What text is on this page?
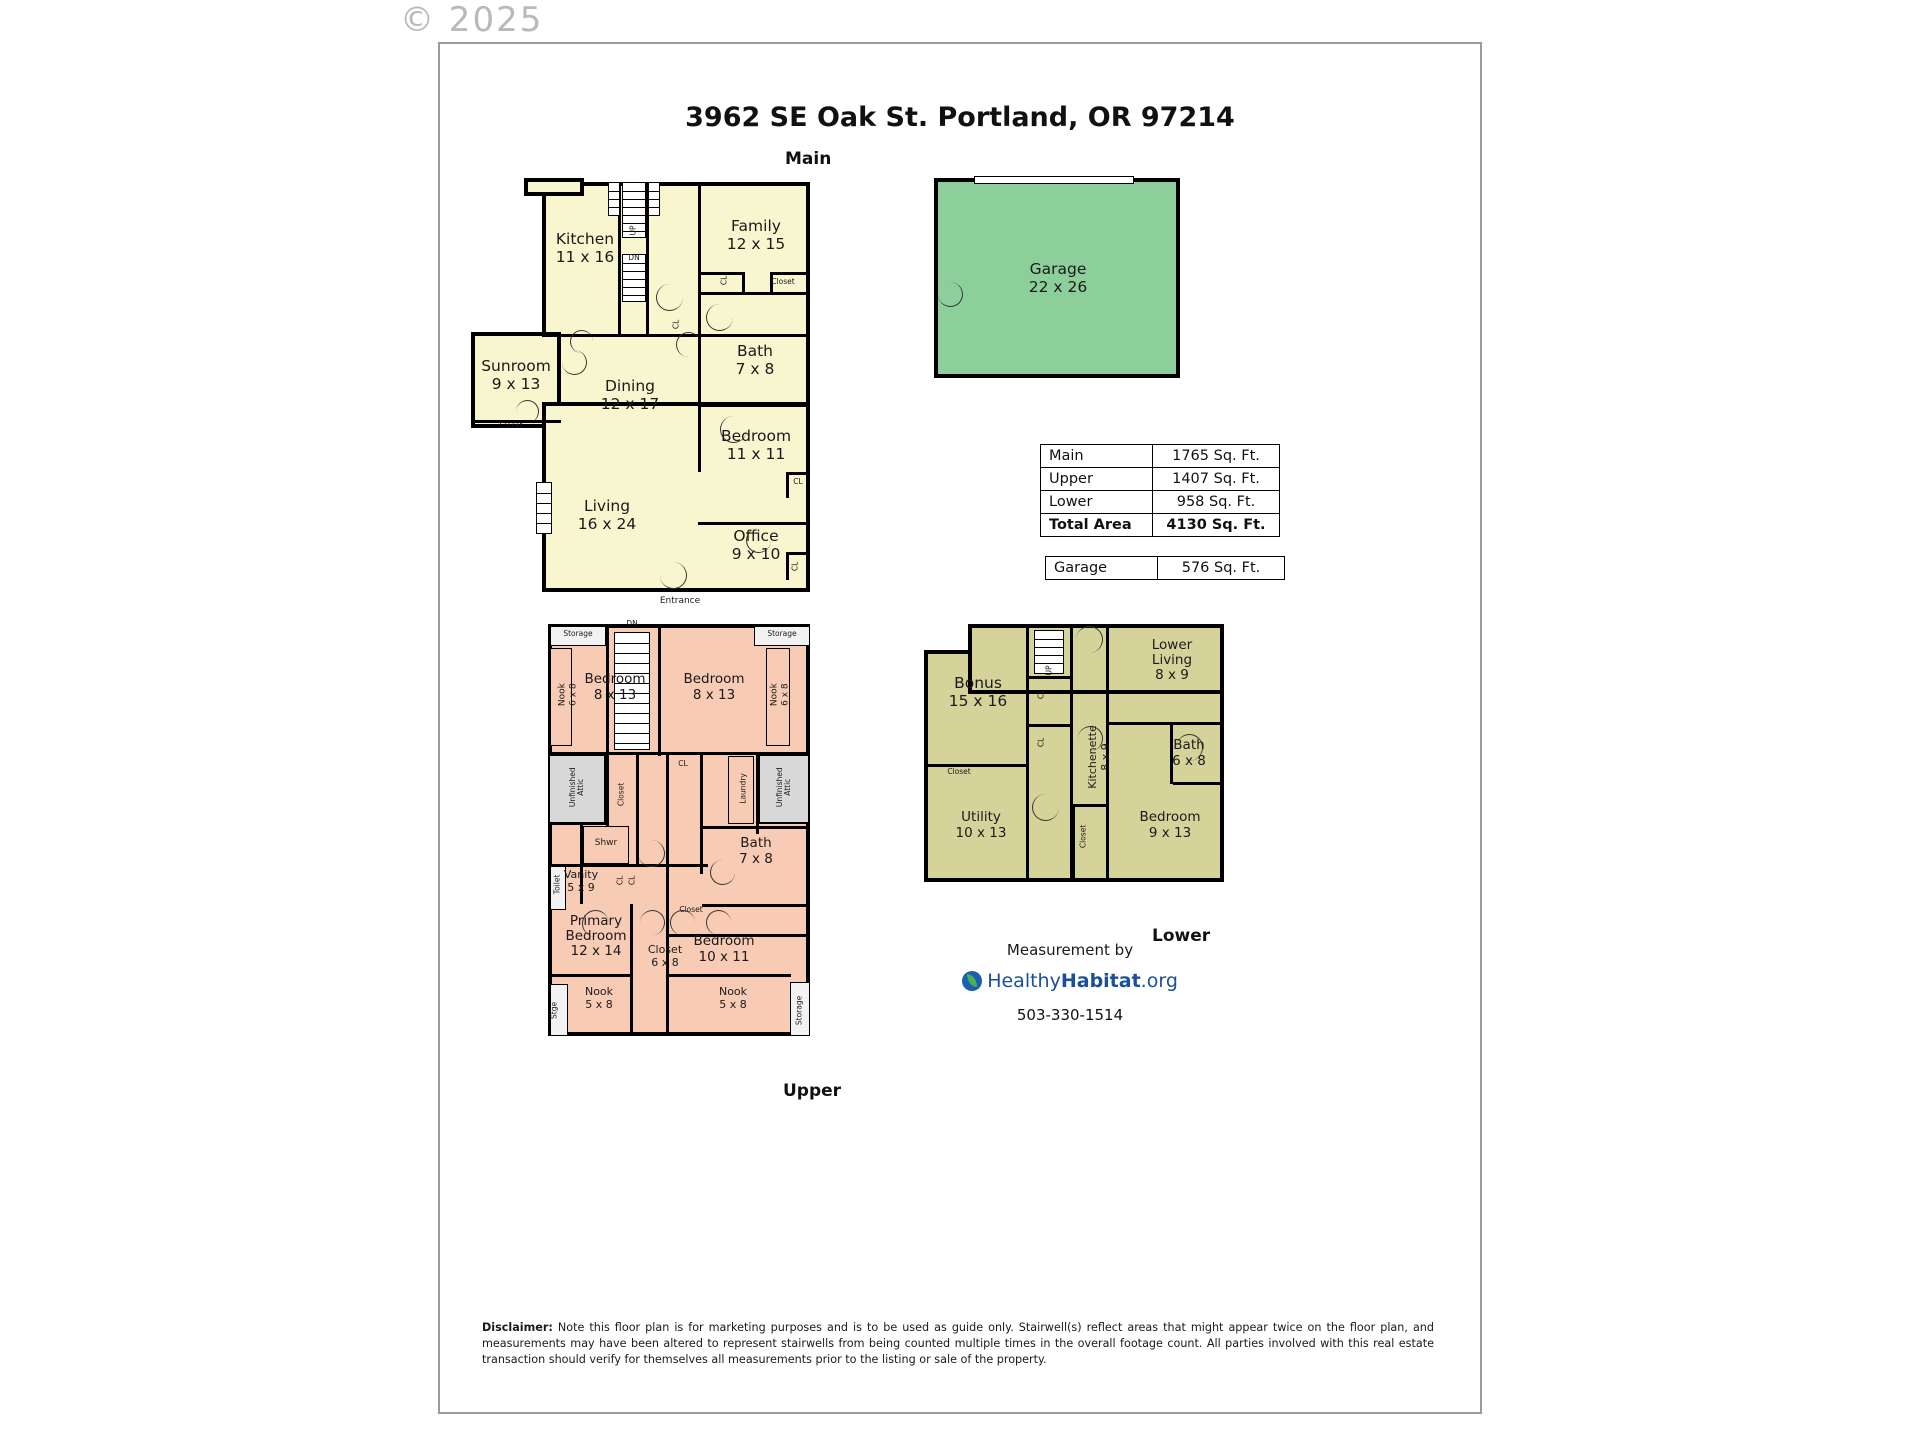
© 2025
3962 SE Oak St. Portland, OR 97214
Main
Kitchen
11 x 16
Family
12 x 15
Sunroom
9 x 13	Dining
12 x 17
Bath
7 x 8
Bedroom
11 x 11
Living
16 x 24
Office
9 x 10
UP
DN
CL	Closet
CL
Closet
CL
CL
Entrance
Garage
22 x 26
Main	1765 Sq. Ft.
Upper	1407 Sq. Ft.
Lower	958 Sq. Ft.
Total Area	4130 Sq. Ft.
Garage	576 Sq. Ft.
Upper
Bedroom
8 x 13
Bedroom
8 x 13
Primary
Bedroom
12 x 14
Bedroom
10 x 11
Bath
7 x 8
Vanity
5 x 9
Closet
6 x 8
Nook
5 x 8
Nook
5 x 8
Nook 6 x 8	Nook 6 x 8
Storage	Storage
DN
Unfinished Attic	Unfinished Attic
Closet
CL
Laundry
Shwr
Toilet	CL CL
Closet
Stge	Storage
Lower
Bonus
15 x 16
Lower
Living
8 x 9
Kitchenette 8 x 9	Bath
6 x 8
Bedroom
9 x 13
Utility
10 x 13
UP
CL
CL
Closet
Closet
Measurement by
HealthyHabitat.org
503-330-1514
Disclaimer: Note this floor plan is for marketing purposes and is to be used as guide only. Stairwell(s) reflect areas that might appear twice on the floor plan, and measurements may have been altered to represent stairwells from being counted multiple times in the overall footage count. All parties involved with this real estate transaction should verify for themselves all measurements prior to the listing or sale of the property.
